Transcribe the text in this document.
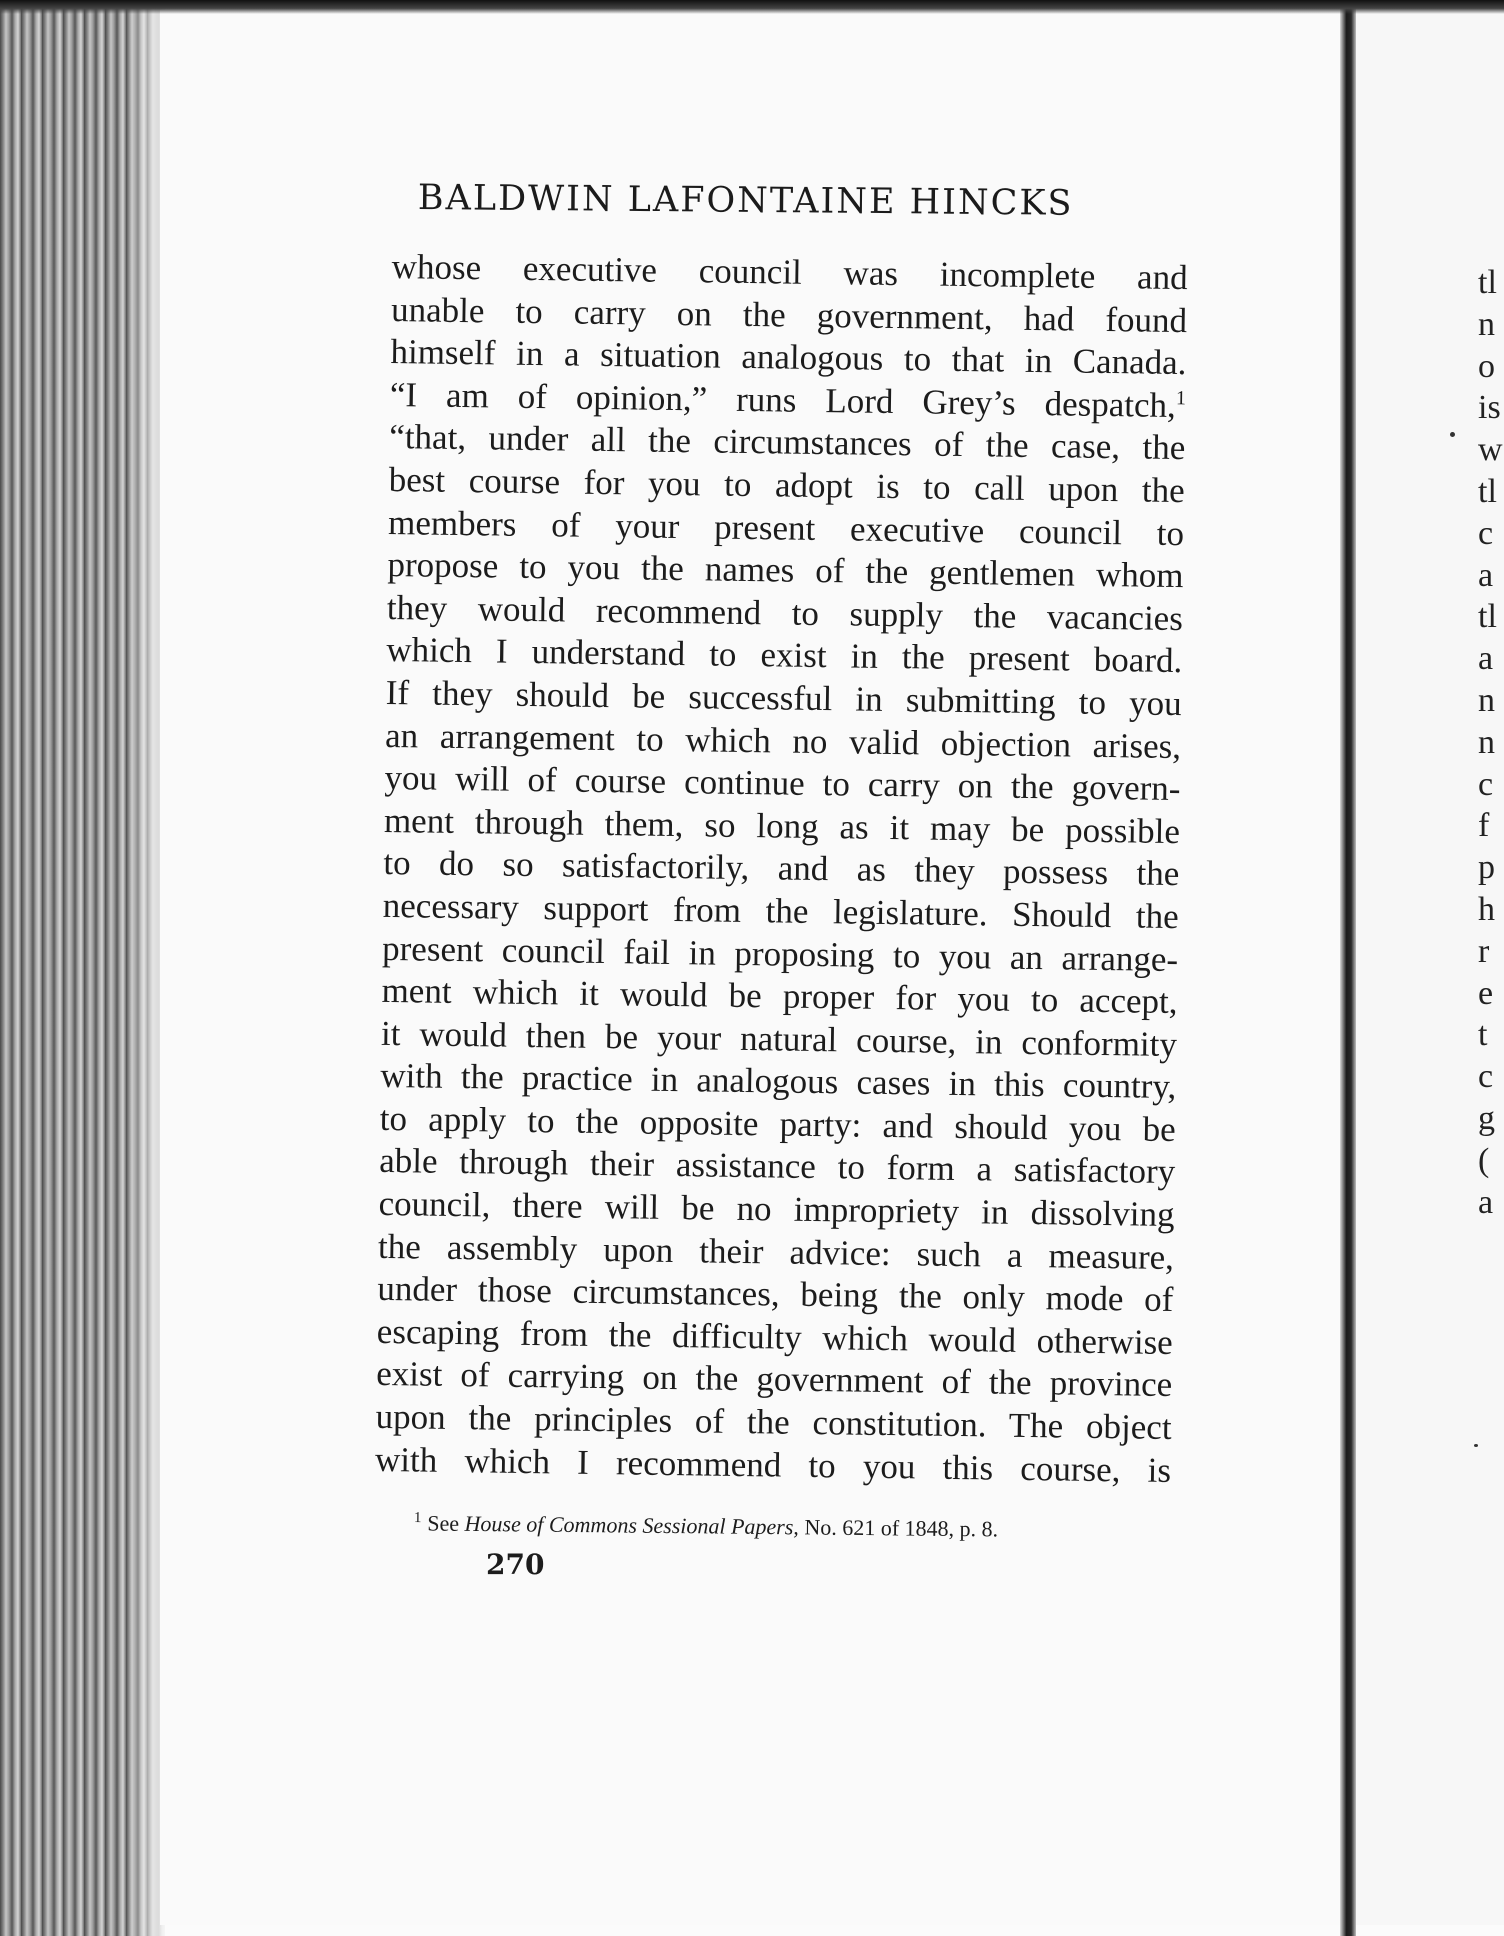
BALDWIN LAFONTAINE HINCKS
whose executive council was incomplete and
unable to carry on the government, had found
himself in a situation analogous to that in Canada.
“I am of opinion,” runs Lord Grey’s despatch,$^1$
“that, under all the circumstances of the case, the
best course for you to adopt is to call upon the
members of your present executive council to
propose to you the names of the gentlemen whom
they would recommend to supply the vacancies
which I understand to exist in the present board.
If they should be successful in submitting to you
an arrangement to which no valid objection arises,
you will of course continue to carry on the govern-
ment through them, so long as it may be possible
to do so satisfactorily, and as they possess the
necessary support from the legislature. Should the
present council fail in proposing to you an arrange-
ment which it would be proper for you to accept,
it would then be your natural course, in conformity
with the practice in analogous cases in this country,
to apply to the opposite party: and should you be
able through their assistance to form a satisfactory
council, there will be no impropriety in dissolving
the assembly upon their advice: such a measure,
under those circumstances, being the only mode of
escaping from the difficulty which would otherwise
exist of carrying on the government of the province
upon the principles of the constitution. The object
with which I recommend to you this course, is
$^1$ See House of Commons Sessional Papers, No. 621 of 1848, p. 8.
270
tl
n
o
is
w
tl
c
a
tl
a
n
n
c
f
p
h
r
e
t
c
g
(
a
